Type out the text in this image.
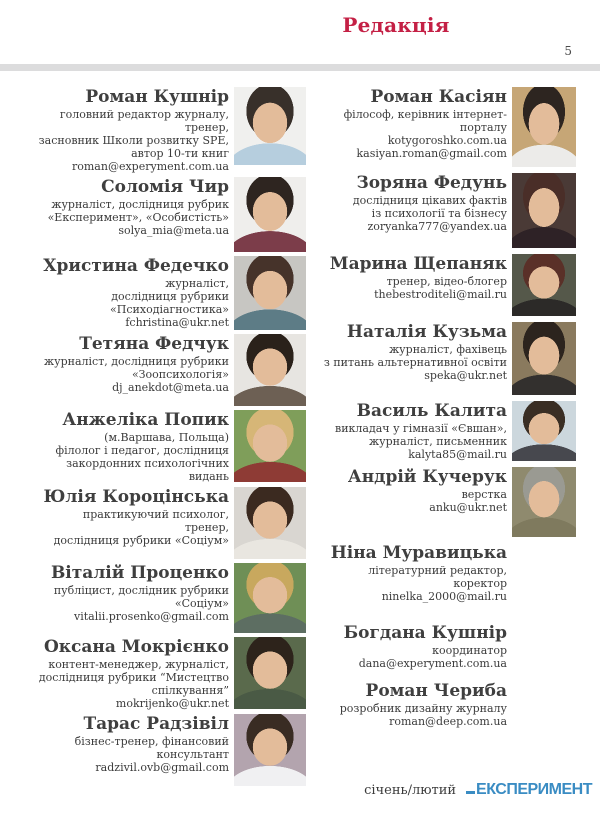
Редакція
5
Роман Кушнір
головний редактор журналу, тренер,
засновник Школи розвитку SPE,
автор 10-ти книг
roman@experyment.com.ua
Соломія Чир
журналіст, дослідниця рубрик
«Експеримент», «Особистість»
solya_mia@meta.ua
Христина Федечко
журналіст,
дослідниця рубрики
«Психодіагностика»
fchristina@ukr.net
Тетяна Федчук
журналіст, дослідниця рубрики
«Зоопсихологія»
dj_anekdot@meta.ua
Анжеліка Попик
(м.Варшава, Польща)
філолог і педагог, дослідниця
закордонних психологічних видань
Юлія Короцінська
практикуючий психолог, тренер,
дослідниця рубрики «Соціум»
Віталій Проценко
публіцист, дослідник рубрики
«Соціум»
vitalii.prosenko@gmail.com
Оксана Мокрієнко
контент-менеджер, журналіст,
дослідниця рубрики “Мистецтво
спілкування”
mokrijenko@ukr.net
Тарас Радзівіл
бізнес-тренер, фінансовий
консультант
radzivil.ovb@gmail.com
Роман Касіян
філософ, керівник інтернет-порталу
kotygoroshko.com.ua
kasiyan.roman@gmail.com
Зоряна Федунь
дослідниця цікавих фактів
із психології та бізнесу
zoryanka777@yandex.ua
Марина Щепаняк
тренер, відео-блогер
thebestroditeli@mail.ru
Наталія Кузьма
журналіст, фахівець
з питань альтернативної освіти
speka@ukr.net
Василь Калита
викладач у гімназії «Євшан»,
журналіст, письменник
kalyta85@mail.ru
Андрій Кучерук
верстка
anku@ukr.net
Ніна Муравицька
літературний редактор,
коректор
ninelka_2000@mail.ru
Богдана Кушнір
координатор
dana@experyment.com.ua
Роман Чериба
розробник дизайну журналу
roman@deep.com.ua
січень/лютий ЕКСПЕРИМЕНТ
